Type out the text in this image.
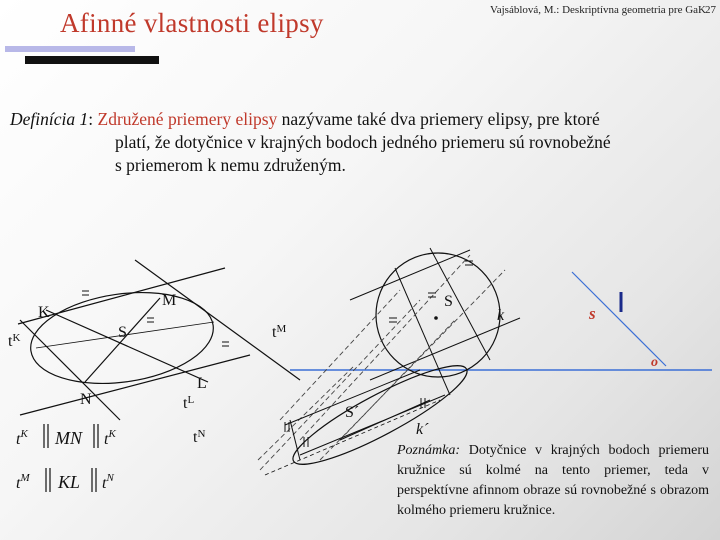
Afinné vlastnosti elipsy	Vajsáblová, M.: Deskriptívna geometria pre GaK 27
Definícia 1: Združené priemery elipsy nazývame také dva priemery elipsy, pre ktoré
platí, že dotyčnice v krajných bodoch jedného priemeru sú rovnobežné
s priemerom k nemu združeným.
K
M
S
N
L
$t^K$	$t^M$
$t^L$
$t^N$
$t^K$ MN $t^K$
$t^M$ KL $t^N$
S
k	s
o
S´
k´
Poznámka: Dotyčnice v krajných bodoch priemeru kružnice sú kolmé na tento priemer, teda v perspektívne afinnom obraze sú rovnobežné s obrazom kolmého priemeru kružnice.
